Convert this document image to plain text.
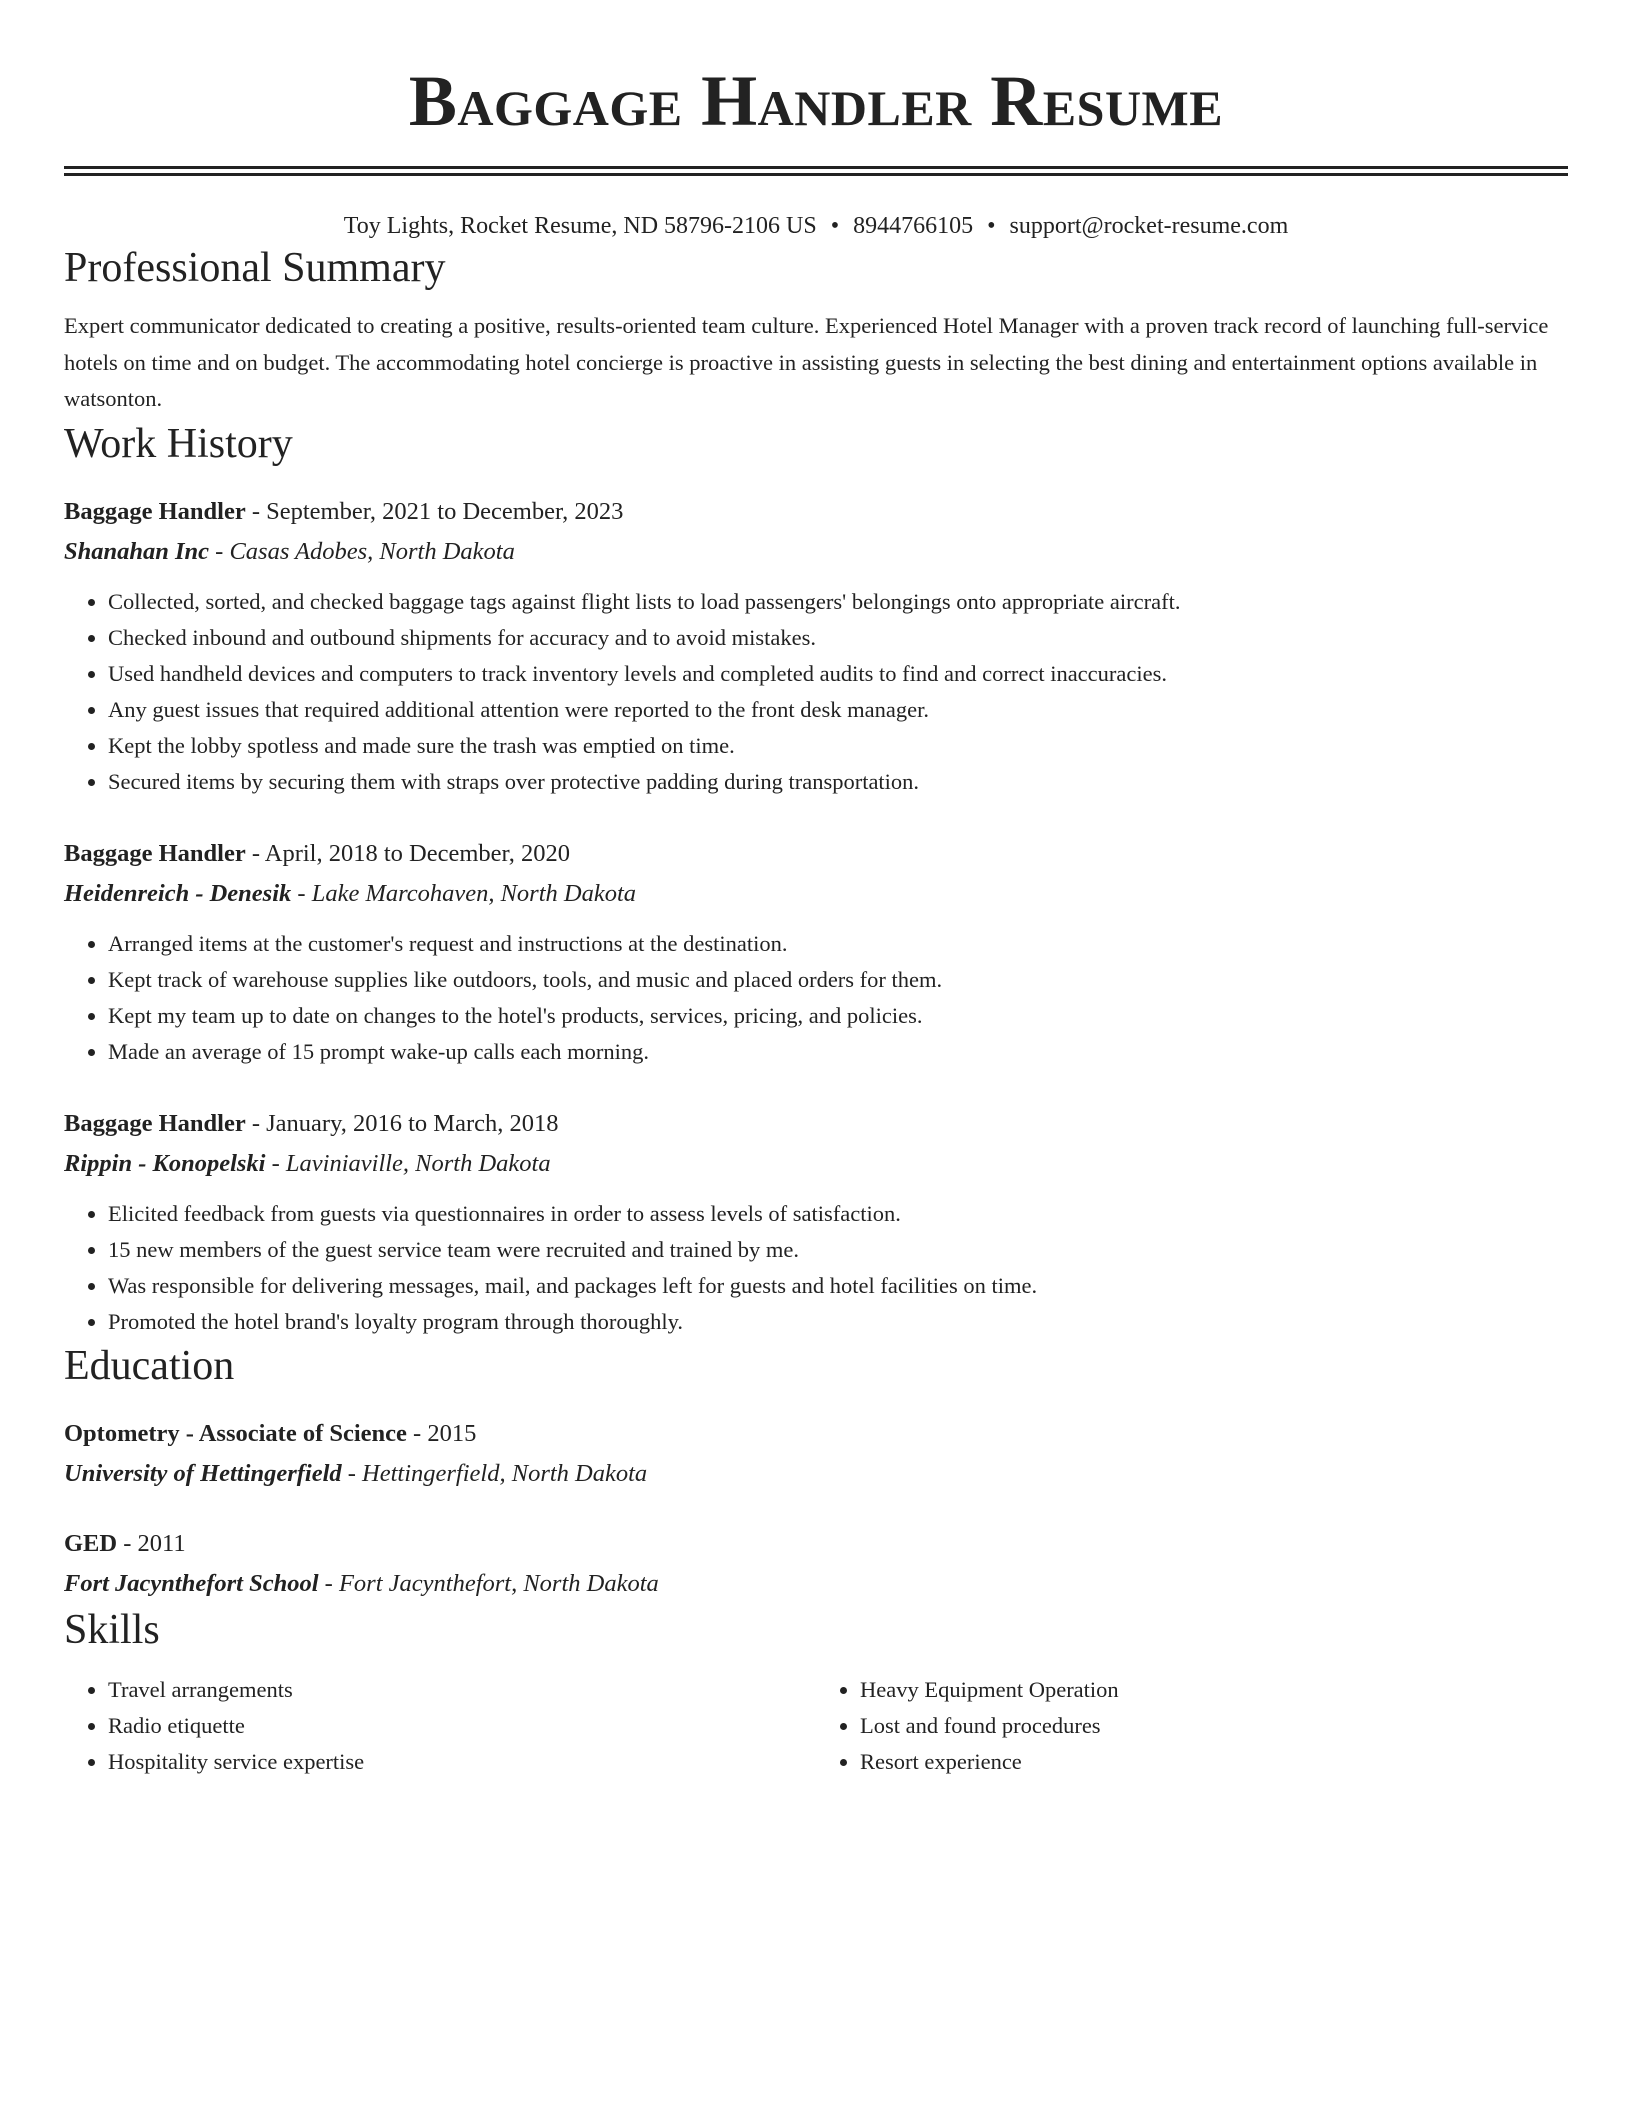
Baggage Handler Resume
Toy Lights, Rocket Resume, ND 58796-2106 US • 8944766105 • support@rocket-resume.com
Professional Summary

Expert communicator dedicated to creating a positive, results-oriented team culture. Experienced Hotel Manager with a proven track record of launching full-service hotels on time and on budget. The accommodating hotel concierge is proactive in assisting guests in selecting the best dining and entertainment options available in watsonton.

Work History
Baggage Handler - September, 2021 to December, 2023
Shanahan Inc - Casas Adobes, North Dakota
• Collected, sorted, and checked baggage tags against flight lists to load passengers' belongings onto appropriate aircraft.
• Checked inbound and outbound shipments for accuracy and to avoid mistakes.
• Used handheld devices and computers to track inventory levels and completed audits to find and correct inaccuracies.
• Any guest issues that required additional attention were reported to the front desk manager.
• Kept the lobby spotless and made sure the trash was emptied on time.
• Secured items by securing them with straps over protective padding during transportation.
Baggage Handler - April, 2018 to December, 2020
Heidenreich - Denesik - Lake Marcohaven, North Dakota
• Arranged items at the customer's request and instructions at the destination.
• Kept track of warehouse supplies like outdoors, tools, and music and placed orders for them.
• Kept my team up to date on changes to the hotel's products, services, pricing, and policies.
• Made an average of 15 prompt wake-up calls each morning.
Baggage Handler - January, 2016 to March, 2018
Rippin - Konopelski - Laviniaville, North Dakota
• Elicited feedback from guests via questionnaires in order to assess levels of satisfaction.
• 15 new members of the guest service team were recruited and trained by me.
• Was responsible for delivering messages, mail, and packages left for guests and hotel facilities on time.
• Promoted the hotel brand's loyalty program through thoroughly.
Education
Optometry - Associate of Science - 2015
University of Hettingerfield - Hettingerfield, North Dakota
GED - 2011
Fort Jacynthefort School - Fort Jacynthefort, North Dakota
Skills
• Travel arrangements
• Radio etiquette
• Hospitality service expertise
• Heavy Equipment Operation
• Lost and found procedures
• Resort experience
